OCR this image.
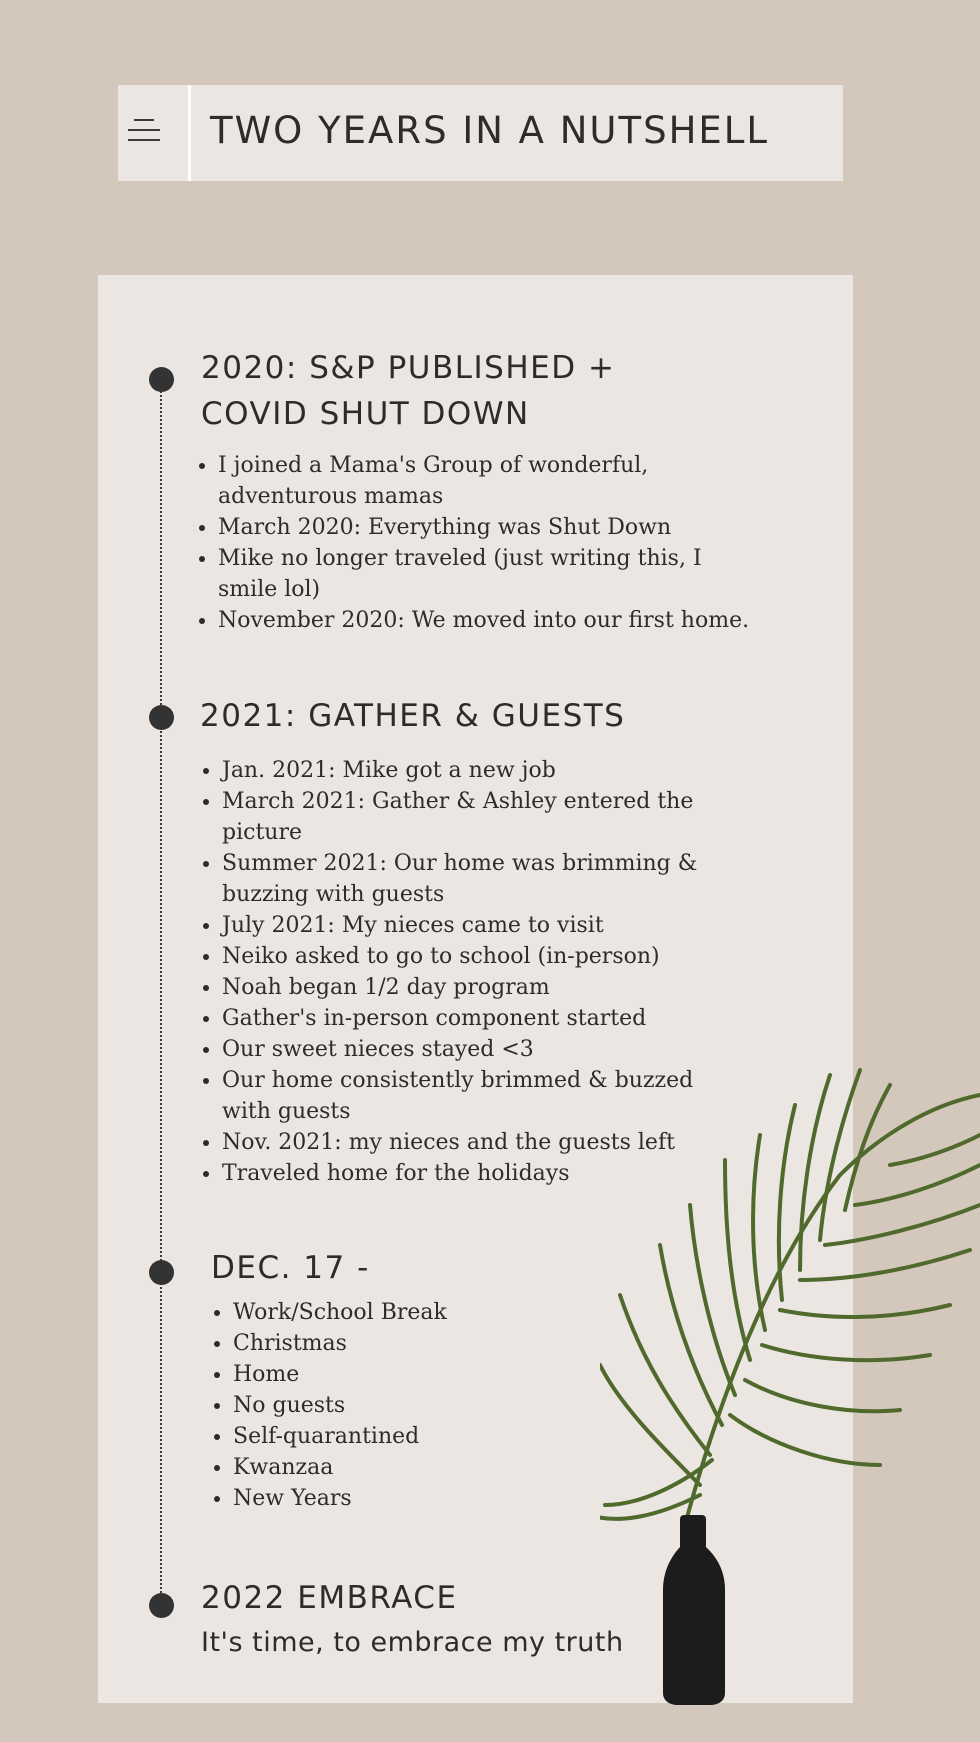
TWO YEARS IN A NUTSHELL
2020: S&P PUBLISHED + COVID SHUT DOWN
• I joined a Mama's Group of wonderful, adventurous mamas
• March 2020: Everything was Shut Down
• Mike no longer traveled (just writing this, I smile lol)
• November 2020: We moved into our first home.
2021: GATHER & GUESTS
• Jan. 2021: Mike got a new job
• March 2021: Gather & Ashley entered the picture
• Summer 2021: Our home was brimming & buzzing with guests
• July 2021: My nieces came to visit
• Neiko asked to go to school (in-person)
• Noah began 1/2 day program
• Gather's in-person component started
• Our sweet nieces stayed <3
• Our home consistently brimmed & buzzed with guests
• Nov. 2021: my nieces and the guests left
• Traveled home for the holidays
DEC. 17 -
• Work/School Break
• Christmas
• Home
• No guests
• Self-quarantined
• Kwanzaa
• New Years
2022 EMBRACE
It's time, to embrace my truth
